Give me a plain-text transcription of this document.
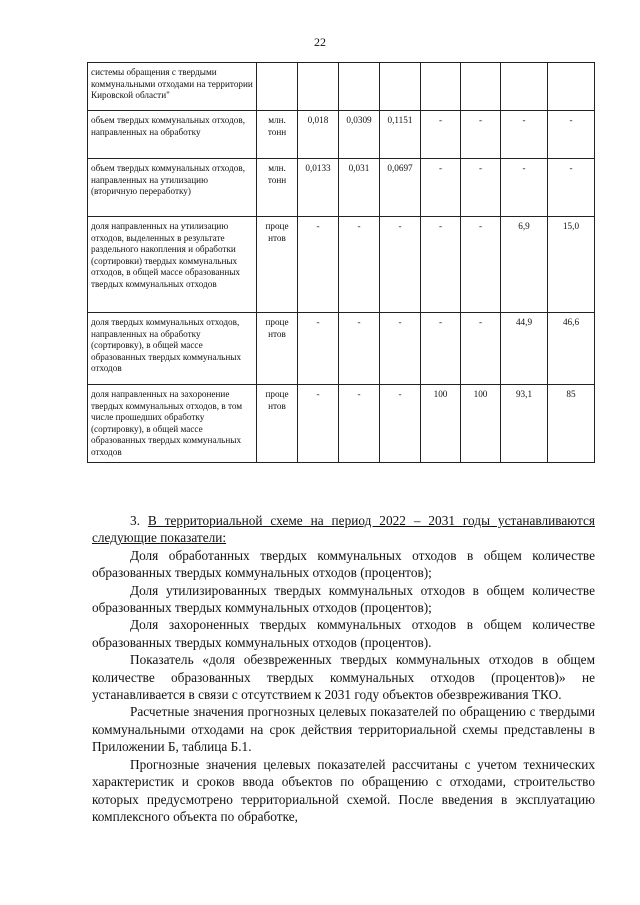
22
системы обращения с твердыми коммунальными отходами на территории Кировской области"								
объем твердых коммунальных отходов, направленных на обработку	млн. тонн	0,018	0,0309	0,1151	-	-	-	-
объем твердых коммунальных отходов, направленных на утилизацию (вторичную переработку)	млн. тонн	0,0133	0,031	0,0697	-	-	-	-
доля направленных на утилизацию отходов, выделенных в результате раздельного накопления и обработки (сортировки) твердых коммунальных отходов, в общей массе образованных твердых коммунальных отходов	проце нтов	-	-	-	-	-	6,9	15,0
доля твердых коммунальных отходов, направленных на обработку (сортировку), в общей массе образованных твердых коммунальных отходов	проце нтов	-	-	-	-	-	44,9	46,6
доля направленных на захоронение твердых коммунальных отходов, в том числе прошедших обработку (сортировку), в общей массе образованных твердых коммунальных отходов	проце нтов	-	-	-	100	100	93,1	85

3. В территориальной схеме на период 2022 – 2031 годы устанавливаются следующие показатели:

Доля обработанных твердых коммунальных отходов в общем количестве образованных твердых коммунальных отходов (процентов);

Доля утилизированных твердых коммунальных отходов в общем количестве образованных твердых коммунальных отходов (процентов);

Доля захороненных твердых коммунальных отходов в общем количестве образованных твердых коммунальных отходов (процентов).

Показатель «доля обезвреженных твердых коммунальных отходов в общем количестве образованных твердых коммунальных отходов (процентов)» не устанавливается в связи с отсутствием к 2031 году объектов обезвреживания ТКО.

Расчетные значения прогнозных целевых показателей по обращению с твердыми коммунальными отходами на срок действия территориальной схемы представлены в Приложении Б, таблица Б.1.

Прогнозные значения целевых показателей рассчитаны с учетом технических характеристик и сроков ввода объектов по обращению с отходами, строительство которых предусмотрено территориальной схемой. После введения в эксплуатацию комплексного объекта по обработке,
